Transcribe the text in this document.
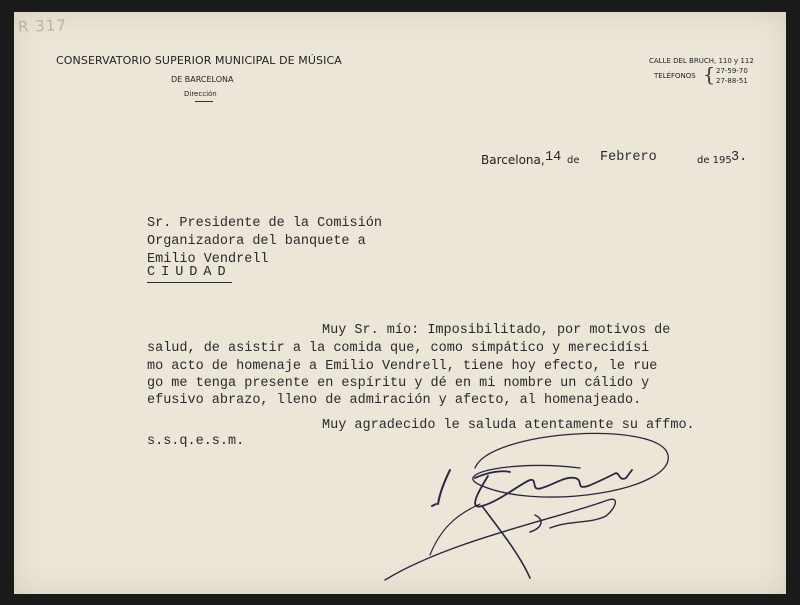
R 317
CONSERVATORIO SUPERIOR MUNICIPAL DE MÚSICA
DE BARCELONA
Dirección
CALLE DEL BRUCH, 110 y 112
TELÉFONOS { 27-59-70
27-88-51
Barcelona, 14 de Febrero	de 195 3.
Sr. Presidente de la Comisión
Organizadora del banquete a
Emilio Vendrell
CIUDAD
Muy Sr. mío: Imposibilitado, por motivos de
salud, de asistir a la comida que, como simpático y merecidísi
mo acto de homenaje a Emilio Vendrell, tiene hoy efecto, le rue
go me tenga presente en espíritu y dé en mi nombre un cálido y
efusivo abrazo, lleno de admiración y afecto, al homenajeado.
Muy agradecido le saluda atentamente su affmo.
s.s.q.e.s.m.
